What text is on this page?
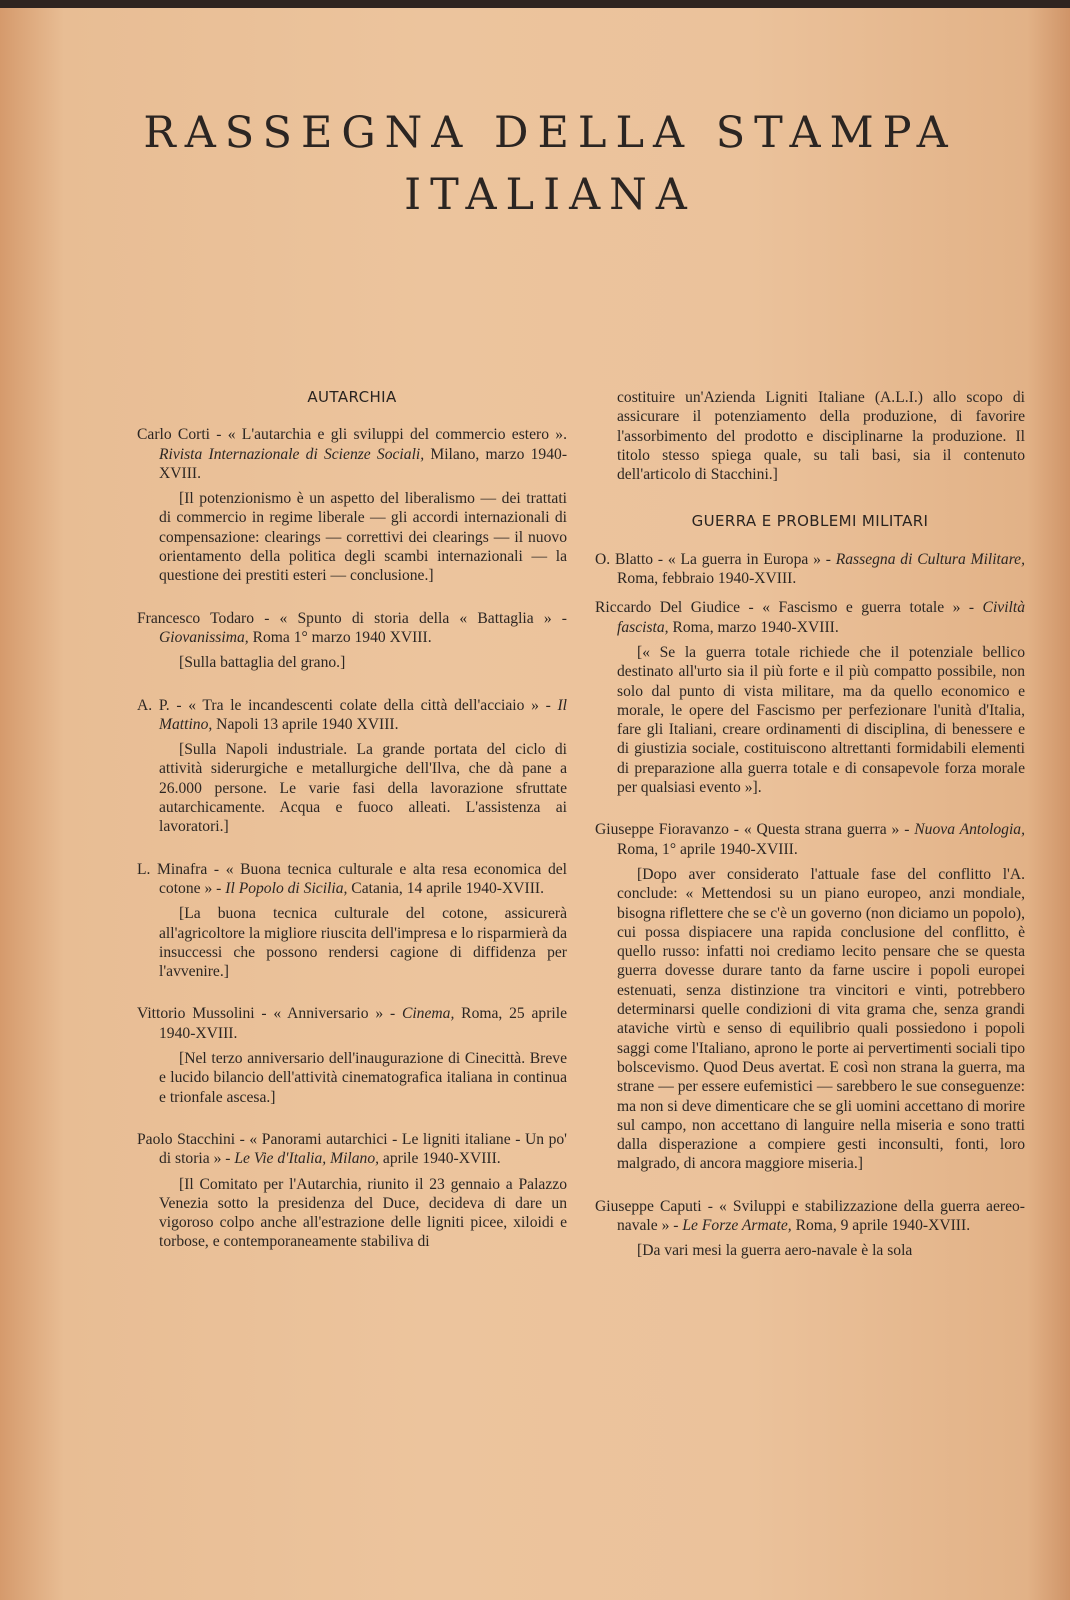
RASSEGNA DELLA STAMPA
ITALIANA
AUTARCHIA

Carlo Corti - « L'autarchia e gli sviluppi del commercio estero ». Rivista Internazionale di Scienze Sociali, Milano, marzo 1940-XVIII.

[Il potenzionismo è un aspetto del liberalismo — dei trattati di commercio in regime liberale — gli accordi internazionali di compensazione: clearings — correttivi dei clearings — il nuovo orientamento della politica degli scambi internazionali — la questione dei prestiti esteri — conclusione.]

Francesco Todaro - « Spunto di storia della « Battaglia » - Giovanissima, Roma 1° marzo 1940 XVIII.

[Sulla battaglia del grano.]

A. P. - « Tra le incandescenti colate della città dell'acciaio » - Il Mattino, Napoli 13 aprile 1940 XVIII.

[Sulla Napoli industriale. La grande portata del ciclo di attività siderurgiche e metallurgiche dell'Ilva, che dà pane a 26.000 persone. Le varie fasi della lavorazione sfruttate autarchicamente. Acqua e fuoco alleati. L'assistenza ai lavoratori.]

L. Minafra - « Buona tecnica culturale e alta resa economica del cotone » - Il Popolo di Sicilia, Catania, 14 aprile 1940-XVIII.

[La buona tecnica culturale del cotone, assicurerà all'agricoltore la migliore riuscita dell'impresa e lo risparmierà da insuccessi che possono rendersi cagione di diffidenza per l'avvenire.]

Vittorio Mussolini - « Anniversario » - Cinema, Roma, 25 aprile 1940-XVIII.

[Nel terzo anniversario dell'inaugurazione di Cinecittà. Breve e lucido bilancio dell'attività cinematografica italiana in continua e trionfale ascesa.]

Paolo Stacchini - « Panorami autarchici - Le ligniti italiane - Un po' di storia » - Le Vie d'Italia, Milano, aprile 1940-XVIII.

[Il Comitato per l'Autarchia, riunito il 23 gennaio a Palazzo Venezia sotto la presidenza del Duce, decideva di dare un vigoroso colpo anche all'estrazione delle ligniti picee, xiloidi e torbose, e contemporaneamente stabiliva di

costituire un'Azienda Ligniti Italiane (A.L.I.) allo scopo di assicurare il potenziamento della produzione, di favorire l'assorbimento del prodotto e disciplinarne la produzione. Il titolo stesso spiega quale, su tali basi, sia il contenuto dell'articolo di Stacchini.]

GUERRA E PROBLEMI MILITARI

O. Blatto - « La guerra in Europa » - Rassegna di Cultura Militare, Roma, febbraio 1940-XVIII.

Riccardo Del Giudice - « Fascismo e guerra totale » - Civiltà fascista, Roma, marzo 1940-XVIII.

[« Se la guerra totale richiede che il potenziale bellico destinato all'urto sia il più forte e il più compatto possibile, non solo dal punto di vista militare, ma da quello economico e morale, le opere del Fascismo per perfezionare l'unità d'Italia, fare gli Italiani, creare ordinamenti di disciplina, di benessere e di giustizia sociale, costituiscono altrettanti formidabili elementi di preparazione alla guerra totale e di consapevole forza morale per qualsiasi evento »].

Giuseppe Fioravanzo - « Questa strana guerra » - Nuova Antologia, Roma, 1° aprile 1940-XVIII.

[Dopo aver considerato l'attuale fase del conflitto l'A. conclude: « Mettendosi su un piano europeo, anzi mondiale, bisogna riflettere che se c'è un governo (non diciamo un popolo), cui possa dispiacere una rapida conclusione del conflitto, è quello russo: infatti noi crediamo lecito pensare che se questa guerra dovesse durare tanto da farne uscire i popoli europei estenuati, senza distinzione tra vincitori e vinti, potrebbero determinarsi quelle condizioni di vita grama che, senza grandi ataviche virtù e senso di equilibrio quali possiedono i popoli saggi come l'Italiano, aprono le porte ai pervertimenti sociali tipo bolscevismo. Quod Deus avertat. E così non strana la guerra, ma strane — per essere eufemistici — sarebbero le sue conseguenze: ma non si deve dimenticare che se gli uomini accettano di morire sul campo, non accettano di languire nella miseria e sono tratti dalla disperazione a compiere gesti inconsulti, fonti, loro malgrado, di ancora maggiore miseria.]

Giuseppe Caputi - « Sviluppi e stabilizzazione della guerra aereo-navale » - Le Forze Armate, Roma, 9 aprile 1940-XVIII.

[Da vari mesi la guerra aero-navale è la sola
